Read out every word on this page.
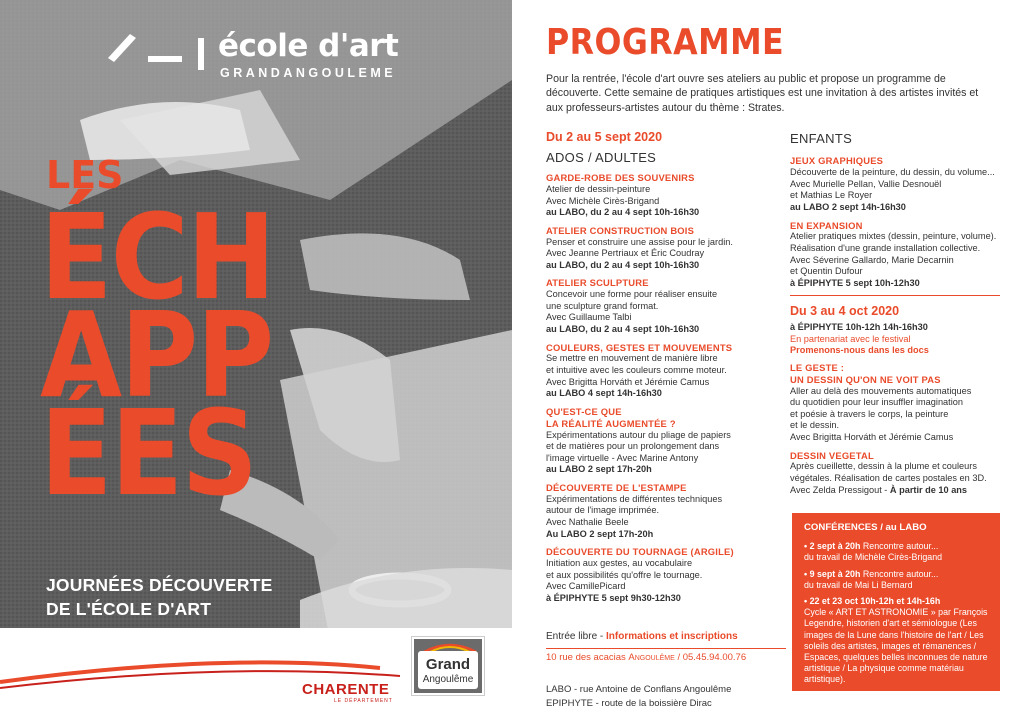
école d'art
GRANDANGOULEME
LES
ÉCH
APP
ÉES
JOURNÉES DÉCOUVERTE
DE L'ÉCOLE D'ART
CHARENTE
LE DÉPARTEMENT
Grand
Angoulême
PROGRAMME
Pour la rentrée, l'école d'art ouvre ses ateliers au public et propose un programme de découverte. Cette semaine de pratiques artistiques est une invitation à des artistes invités et aux professeurs-artistes autour du thème : Strates.
Du 2 au 5 sept 2020
ADOS / ADULTES
GARDE-ROBE DES SOUVENIRS
Atelier de dessin-peinture
Avec Michèle Cirès-Brigand
au LABO, du 2 au 4 sept 10h-16h30
ATELIER CONSTRUCTION BOIS
Penser et construire une assise pour le jardin.
Avec Jeanne Pertriaux et Éric Coudray
au LABO, du 2 au 4 sept 10h-16h30
ATELIER SCULPTURE
Concevoir une forme pour réaliser ensuite
une sculpture grand format.
Avec Guillaume Talbi
au LABO, du 2 au 4 sept 10h-16h30
COULEURS, GESTES ET MOUVEMENTS
Se mettre en mouvement de manière libre
et intuitive avec les couleurs comme moteur.
Avec Brigitta Horváth et Jérémie Camus
au LABO 4 sept 14h-16h30
QU'EST-CE QUE
LA RÉALITÉ AUGMENTÉE ?
Expérimentations autour du pliage de papiers
et de matières pour un prolongement dans
l'image virtuelle - Avec Marine Antony
au LABO 2 sept 17h-20h
DÉCOUVERTE DE L'ESTAMPE
Expérimentations de différentes techniques
autour de l'image imprimée.
Avec Nathalie Beele
Au LABO 2 sept 17h-20h
DÉCOUVERTE DU TOURNAGE (ARGILE)
Initiation aux gestes, au vocabulaire
et aux possibilités qu'offre le tournage.
Avec CamillePicard
à ÉPIPHYTE 5 sept 9h30-12h30
ENFANTS
JEUX GRAPHIQUES
Découverte de la peinture, du dessin, du volume...
Avec Murielle Pellan, Vallie Desnouël
et Mathias Le Royer
au LABO 2 sept 14h-16h30
EN EXPANSION
Atelier pratiques mixtes (dessin, peinture, volume).
Réalisation d'une grande installation collective.
Avec Séverine Gallardo, Marie Decarnin
et Quentin Dufour
à ÉPIPHYTE 5 sept 10h-12h30
Du 3 au 4 oct 2020
à ÉPIPHYTE 10h-12h 14h-16h30
En partenariat avec le festival
Promenons-nous dans les docs
LE GESTE :
UN DESSIN QU'ON NE VOIT PAS
Aller au delà des mouvements automatiques
du quotidien pour leur insuffler imagination
et poésie à travers le corps, la peinture
et le dessin.
Avec Brigitta Horváth et Jérémie Camus
DESSIN VEGETAL
Après cueillette, dessin à la plume et couleurs
végétales. Réalisation de cartes postales en 3D.
Avec Zelda Pressigout - À partir de 10 ans
CONFÉRENCES / au LABO
• 2 sept à 20h Rencontre autour...
du travail de Michèle Cirès-Brigand
• 9 sept à 20h Rencontre autour...
du travail de Mai Li Bernard
• 22 et 23 oct 10h-12h et 14h-16h
Cycle « ART ET ASTRONOMIE » par François Legendre, historien d'art et sémiologue (Les images de la Lune dans l'histoire de l'art / Les soleils des artistes, images et rémanences / Espaces, quelques belles inconnues de nature artistique / La physique comme matériau artistique).
Entrée libre - Informations et inscriptions
10 rue des acacias Angoulême / 05.45.94.00.76
LABO - rue Antoine de Conflans Angoulême
EPIPHYTE - route de la boissière Dirac
